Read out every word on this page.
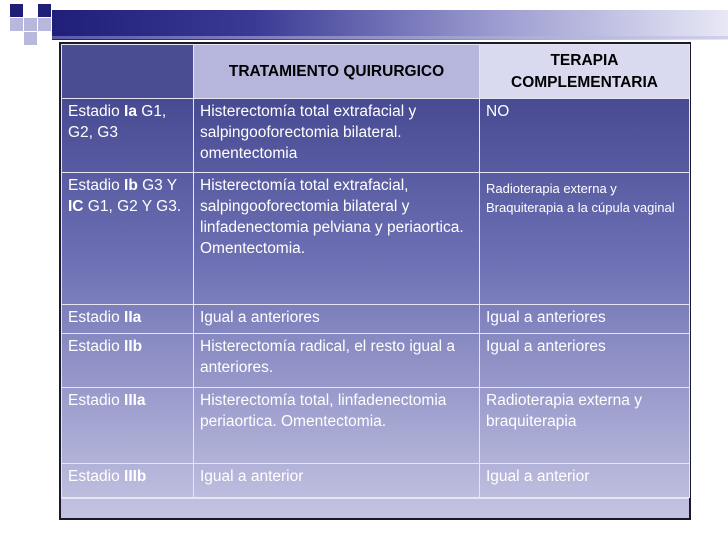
	TRATAMIENTO QUIRURGICO	TERAPIA COMPLEMENTARIA
Estadio Ia G1, G2, G3	Histerectomía total extrafacial y salpingooforectomia bilateral. omentectomia	NO
Estadio Ib G3 Y IC G1, G2 Y G3.	Histerectomía total extrafacial, salpingooforectomia bilateral y linfadenectomia pelviana y periaortica. Omentectomia.	Radioterapia externa y Braquiterapia a la cúpula vaginal
Estadio IIa	Igual a anteriores	Igual a anteriores
Estadio IIb	Histerectomía radical, el resto igual a anteriores.	Igual a anteriores
Estadio IIIa	Histerectomía total, linfadenectomia periaortica. Omentectomia.	Radioterapia externa y braquiterapia
Estadio IIIb	Igual a anterior	Igual a anterior
